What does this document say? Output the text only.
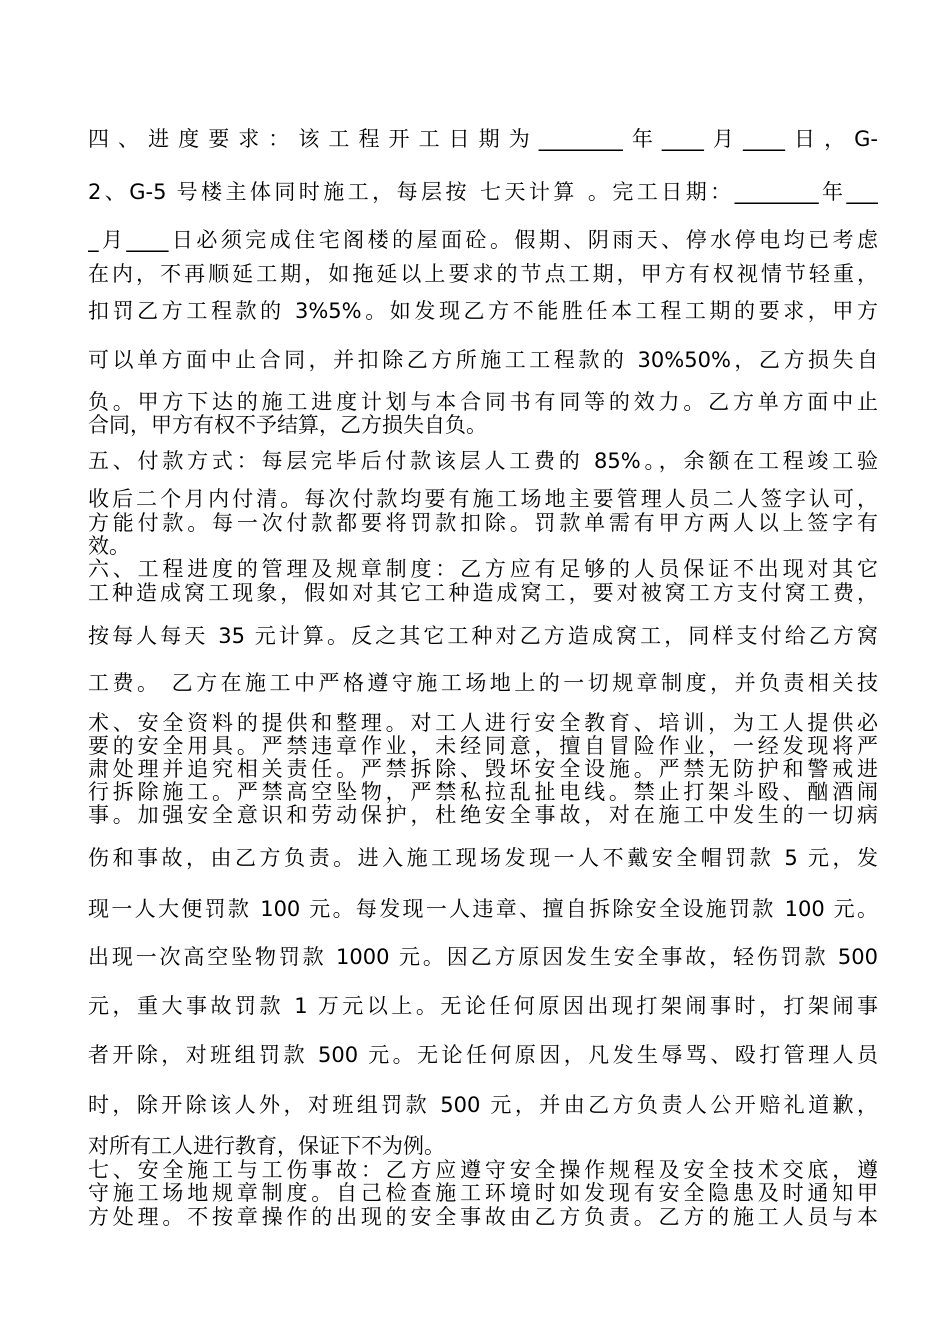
四、进度要求：该工程开工日期为________年____月____日，G-
2、G-5 号楼主体同时施工，每层按 七天计算 。完工日期：________年___
_月____日必须完成住宅阁楼的屋面砼。假期、阴雨天、停水停电均已考虑
在内，不再顺延工期，如拖延以上要求的节点工期，甲方有权视情节轻重，
扣罚乙方工程款的 3%5%。如发现乙方不能胜任本工程工期的要求，甲方
可以单方面中止合同，并扣除乙方所施工工程款的 30%50%，乙方损失自
负。甲方下达的施工进度计划与本合同书有同等的效力。乙方单方面中止
合同，甲方有权不予结算，乙方损失自负。
五、付款方式：每层完毕后付款该层人工费的 85%。，余额在工程竣工验
收后二个月内付清。每次付款均要有施工场地主要管理人员二人签字认可，
方能付款。每一次付款都要将罚款扣除。罚款单需有甲方两人以上签字有
效。
六、工程进度的管理及规章制度：乙方应有足够的人员保证不出现对其它
工种造成窝工现象，假如对其它工种造成窝工，要对被窝工方支付窝工费，
按每人每天 35 元计算。反之其它工种对乙方造成窝工，同样支付给乙方窝
工费。 乙方在施工中严格遵守施工场地上的一切规章制度，并负责相关技
术、安全资料的提供和整理。对工人进行安全教育、培训，为工人提供必
要的安全用具。严禁违章作业，未经同意，擅自冒险作业，一经发现将严
肃处理并追究相关责任。严禁拆除、毁坏安全设施。严禁无防护和警戒进
行拆除施工。严禁高空坠物，严禁私拉乱扯电线。禁止打架斗殴、酗酒闹
事。加强安全意识和劳动保护，杜绝安全事故，对在施工中发生的一切病
伤和事故，由乙方负责。进入施工现场发现一人不戴安全帽罚款 5 元，发
现一人大便罚款 100 元。每发现一人违章、擅自拆除安全设施罚款 100 元。
出现一次高空坠物罚款 1000 元。因乙方原因发生安全事故，轻伤罚款 500
元，重大事故罚款 1 万元以上。无论任何原因出现打架闹事时，打架闹事
者开除，对班组罚款 500 元。无论任何原因，凡发生辱骂、殴打管理人员
时，除开除该人外，对班组罚款 500 元，并由乙方负责人公开赔礼道歉，
对所有工人进行教育，保证下不为例。
七、安全施工与工伤事故：乙方应遵守安全操作规程及安全技术交底，遵
守施工场地规章制度。自己检查施工环境时如发现有安全隐患及时通知甲
方处理。不按章操作的出现的安全事故由乙方负责。乙方的施工人员与本
